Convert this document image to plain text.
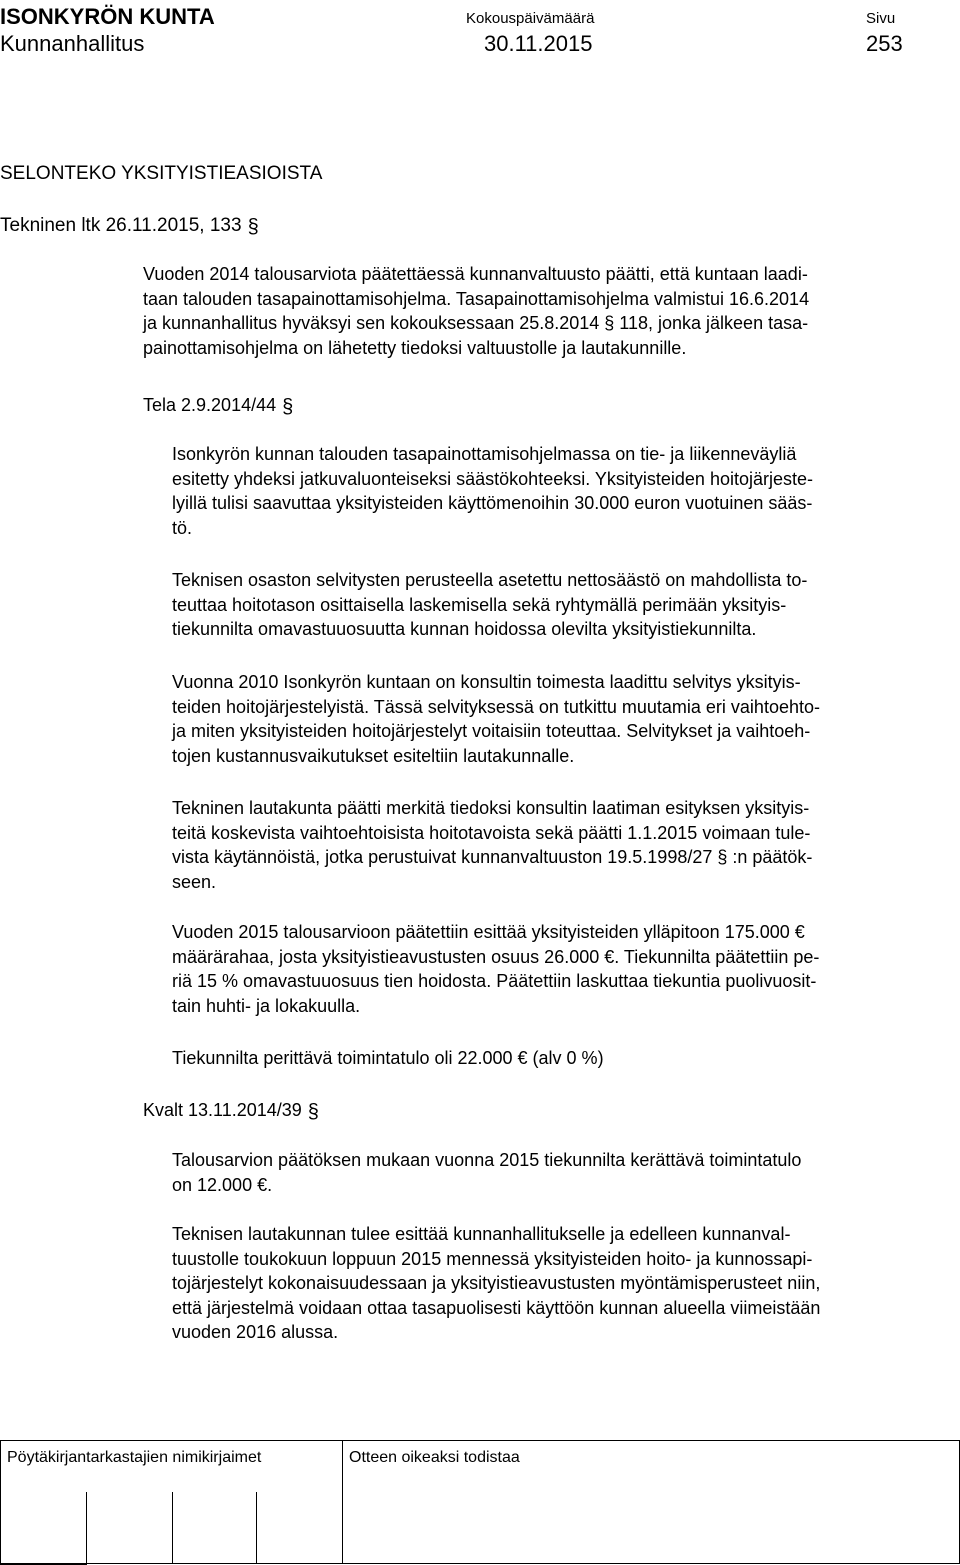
ISONKYRÖN KUNTA
Kunnanhallitus
Kokouspäivämäärä
30.11.2015
Sivu
253
SELONTEKO YKSITYISTIEASIOISTA
Tekninen ltk 26.11.2015, 133 §
Vuoden 2014 talousarviota päätettäessä kunnanvaltuusto päätti, että kuntaan laadi-
taan talouden tasapainottamisohjelma. Tasapainottamisohjelma valmistui 16.6.2014
ja kunnanhallitus hyväksyi sen kokouksessaan 25.8.2014 § 118, jonka jälkeen tasa-
painottamisohjelma on lähetetty tiedoksi valtuustolle ja lautakunnille.
Tela 2.9.2014/44 §
Isonkyrön kunnan talouden tasapainottamisohjelmassa on tie- ja liikenneväyliä
esitetty yhdeksi jatkuvaluonteiseksi säästökohteeksi. Yksityisteiden hoitojärjeste-
lyillä tulisi saavuttaa yksityisteiden käyttömenoihin 30.000 euron vuotuinen sääs-
tö.
Teknisen osaston selvitysten perusteella asetettu nettosäästö on mahdollista to-
teuttaa hoitotason osittaisella laskemisella sekä ryhtymällä perimään yksityis-
tiekunnilta omavastuuosuutta kunnan hoidossa olevilta yksityistiekunnilta.
Vuonna 2010 Isonkyrön kuntaan on konsultin toimesta laadittu selvitys yksityis-
teiden hoitojärjestelyistä. Tässä selvityksessä on tutkittu muutamia eri vaihtoehto-
ja miten yksityisteiden hoitojärjestelyt voitaisiin toteuttaa. Selvitykset ja vaihtoeh-
tojen kustannusvaikutukset esiteltiin lautakunnalle.
Tekninen lautakunta päätti merkitä tiedoksi konsultin laatiman esityksen yksityis-
teitä koskevista vaihtoehtoisista hoitotavoista sekä päätti 1.1.2015 voimaan tule-
vista käytännöistä, jotka perustuivat kunnanvaltuuston 19.5.1998/27 § :n päätök-
seen.
Vuoden 2015 talousarvioon päätettiin esittää yksityisteiden ylläpitoon 175.000 €
määrärahaa, josta yksityistieavustusten osuus 26.000 €. Tiekunnilta päätettiin pe-
riä 15 % omavastuuosuus tien hoidosta. Päätettiin laskuttaa tiekuntia puolivuosit-
tain huhti- ja lokakuulla.
Tiekunnilta perittävä toimintatulo oli 22.000 € (alv 0 %)
Kvalt 13.11.2014/39 §
Talousarvion päätöksen mukaan vuonna 2015 tiekunnilta kerättävä toimintatulo
on 12.000 €.
Teknisen lautakunnan tulee esittää kunnanhallitukselle ja edelleen kunnanval-
tuustolle toukokuun loppuun 2015 mennessä yksityisteiden hoito- ja kunnossapi-
tojärjestelyt kokonaisuudessaan ja yksityistieavustusten myöntämisperusteet niin,
että järjestelmä voidaan ottaa tasapuolisesti käyttöön kunnan alueella viimeistään
vuoden 2016 alussa.
Pöytäkirjantarkastajien nimikirjaimet	Otteen oikeaksi todistaa
